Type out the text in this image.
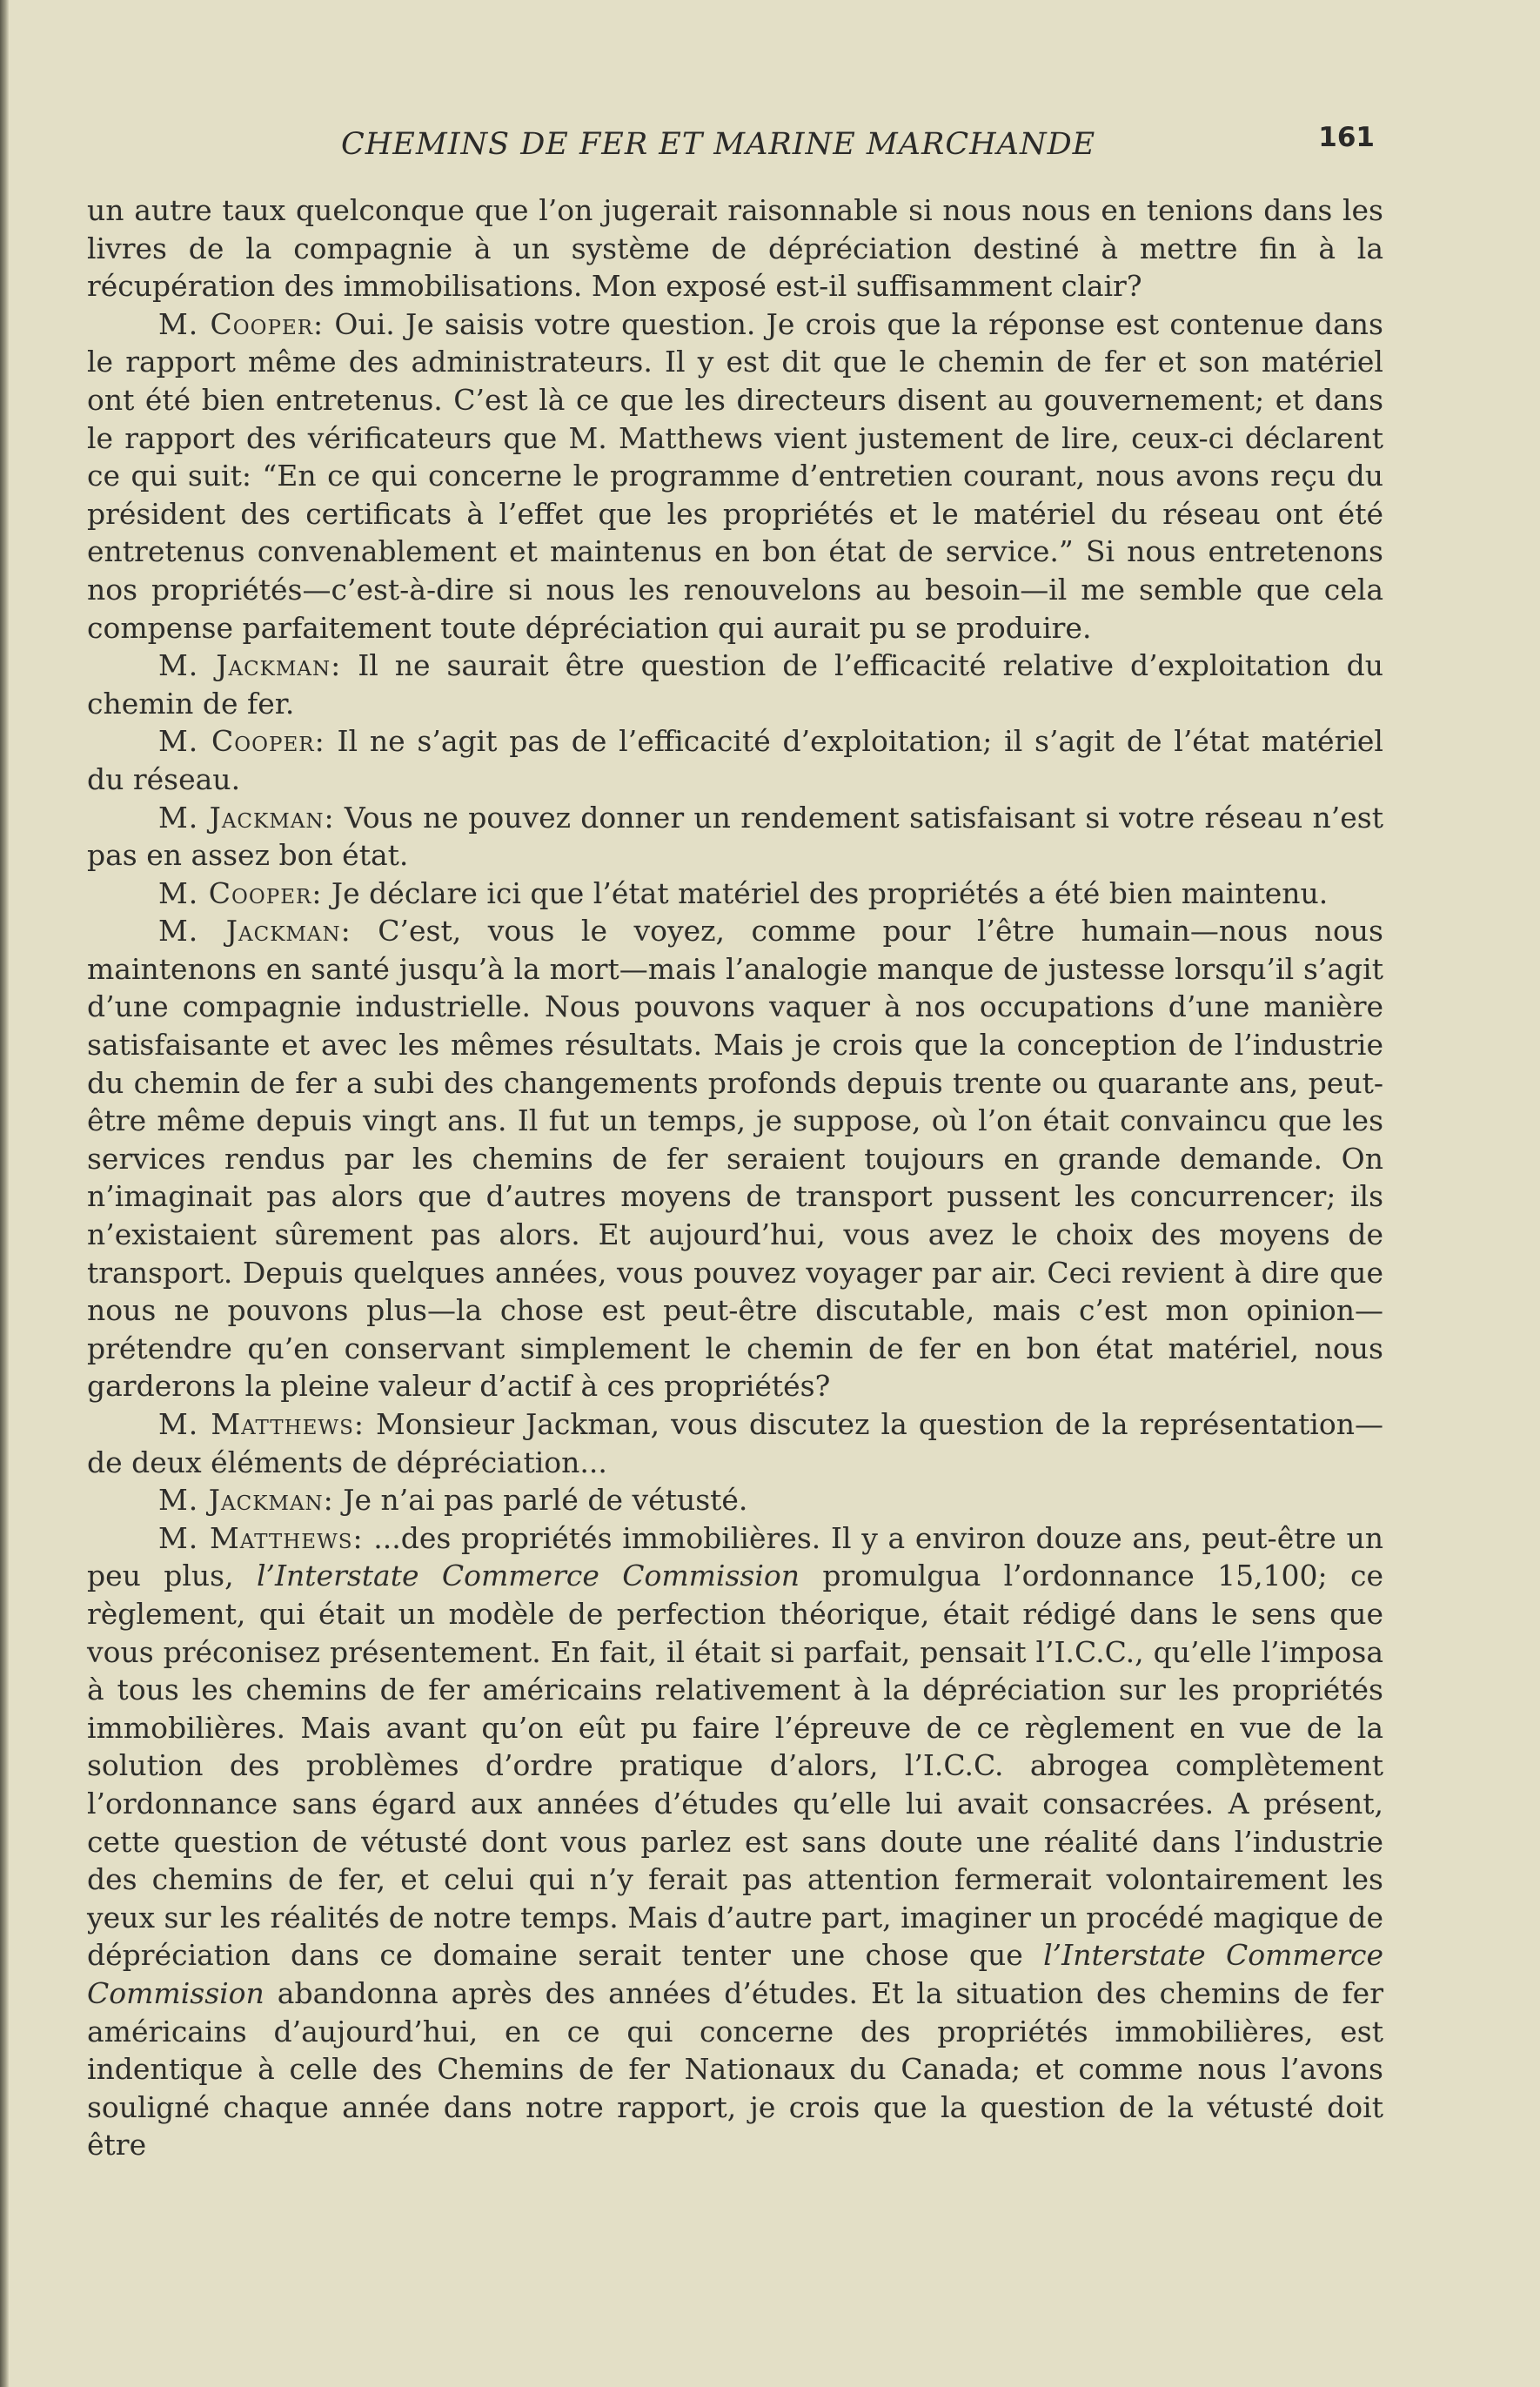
CHEMINS DE FER ET MARINE MARCHANDE	161

un autre taux quelconque que l’on jugerait raisonnable si nous nous en tenions dans les livres de la compagnie à un système de dépréciation destiné à mettre fin à la récupération des immobilisations. Mon exposé est-il suffisamment clair?

M. Cooper: Oui. Je saisis votre question. Je crois que la réponse est contenue dans le rapport même des administrateurs. Il y est dit que le chemin de fer et son matériel ont été bien entretenus. C’est là ce que les directeurs disent au gouvernement; et dans le rapport des vérificateurs que M. Matthews vient justement de lire, ceux-ci déclarent ce qui suit: “En ce qui concerne le programme d’entretien courant, nous avons reçu du président des certificats à l’effet que les propriétés et le matériel du réseau ont été entretenus convenablement et maintenus en bon état de service.” Si nous entretenons nos propriétés—c’est-à-dire si nous les renouvelons au besoin—il me semble que cela compense parfaitement toute dépréciation qui aurait pu se produire.

M. Jackman: Il ne saurait être question de l’efficacité relative d’exploitation du chemin de fer.

M. Cooper: Il ne s’agit pas de l’efficacité d’exploitation; il s’agit de l’état matériel du réseau.

M. Jackman: Vous ne pouvez donner un rendement satisfaisant si votre réseau n’est pas en assez bon état.

M. Cooper: Je déclare ici que l’état matériel des propriétés a été bien maintenu.

M. Jackman: C’est, vous le voyez, comme pour l’être humain—nous nous maintenons en santé jusqu’à la mort—mais l’analogie manque de justesse lorsqu’il s’agit d’une compagnie industrielle. Nous pouvons vaquer à nos occupations d’une manière satisfaisante et avec les mêmes résultats. Mais je crois que la conception de l’industrie du chemin de fer a subi des changements profonds depuis trente ou quarante ans, peut-être même depuis vingt ans. Il fut un temps, je suppose, où l’on était convaincu que les services rendus par les chemins de fer seraient toujours en grande demande. On n’imaginait pas alors que d’autres moyens de transport pussent les concurrencer; ils n’existaient sûrement pas alors. Et aujourd’hui, vous avez le choix des moyens de transport. Depuis quelques années, vous pouvez voyager par air. Ceci revient à dire que nous ne pouvons plus—la chose est peut-être discutable, mais c’est mon opinion—prétendre qu’en conservant simplement le chemin de fer en bon état matériel, nous garderons la pleine valeur d’actif à ces propriétés?

M. Matthews: Monsieur Jackman, vous discutez la question de la représentation—de deux éléments de dépréciation...

M. Jackman: Je n’ai pas parlé de vétusté.

M. Matthews: ...des propriétés immobilières. Il y a environ douze ans, peut-être un peu plus, l’Interstate Commerce Commission promulgua l’ordonnance 15,100; ce règlement, qui était un modèle de perfection théorique, était rédigé dans le sens que vous préconisez présentement. En fait, il était si parfait, pensait l’I.C.C., qu’elle l’imposa à tous les chemins de fer américains relativement à la dépréciation sur les propriétés immobilières. Mais avant qu’on eût pu faire l’épreuve de ce règlement en vue de la solution des problèmes d’ordre pratique d’alors, l’I.C.C. abrogea complètement l’ordonnance sans égard aux années d’études qu’elle lui avait consacrées. A présent, cette question de vétusté dont vous parlez est sans doute une réalité dans l’industrie des chemins de fer, et celui qui n’y ferait pas attention fermerait volontairement les yeux sur les réalités de notre temps. Mais d’autre part, imaginer un procédé magique de dépréciation dans ce domaine serait tenter une chose que l’Interstate Commerce Commission abandonna après des années d’études. Et la situation des chemins de fer américains d’aujourd’hui, en ce qui concerne des propriétés immobilières, est indentique à celle des Chemins de fer Nationaux du Canada; et comme nous l’avons souligné chaque année dans notre rapport, je crois que la question de la vétusté doit être
